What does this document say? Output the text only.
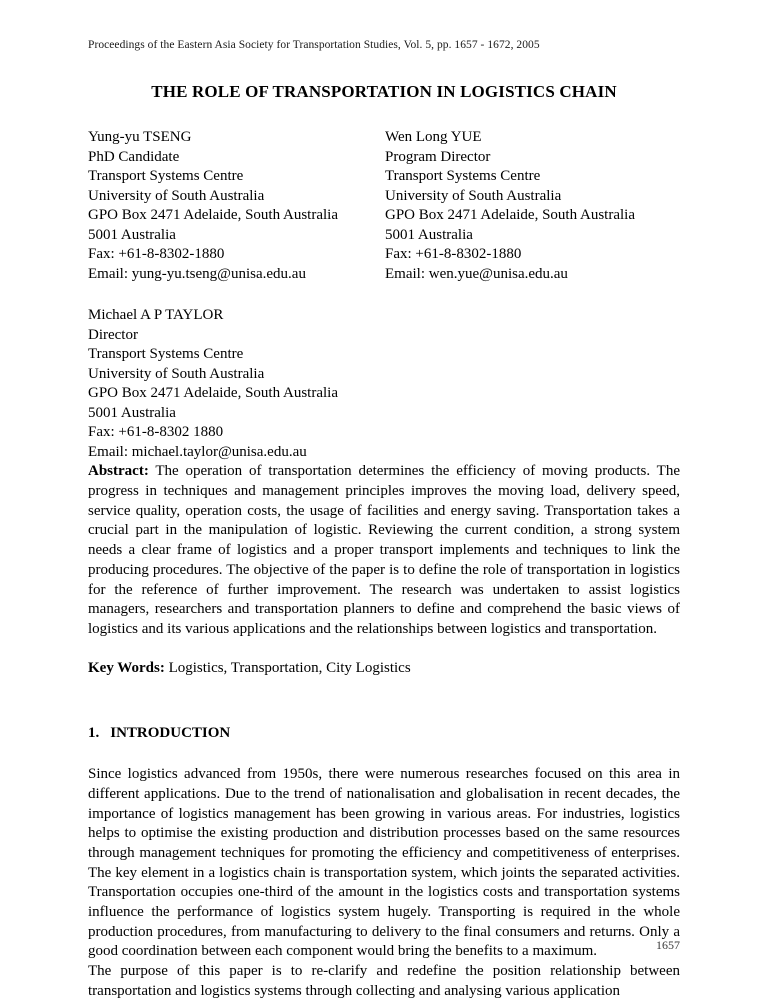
Proceedings of the Eastern Asia Society for Transportation Studies, Vol. 5, pp. 1657 - 1672, 2005
THE ROLE OF TRANSPORTATION IN LOGISTICS CHAIN
Yung-yu TSENG
PhD Candidate
Transport Systems Centre
University of South Australia
GPO Box 2471 Adelaide, South Australia
5001 Australia
Fax: +61-8-8302-1880
Email: yung-yu.tseng@unisa.edu.au
Wen Long YUE
Program Director
Transport Systems Centre
University of South Australia
GPO Box 2471 Adelaide, South Australia
5001 Australia
Fax: +61-8-8302-1880
Email: wen.yue@unisa.edu.au
Michael A P TAYLOR
Director
Transport Systems Centre
University of South Australia
GPO Box 2471 Adelaide, South Australia
5001 Australia
Fax: +61-8-8302 1880
Email: michael.taylor@unisa.edu.au

Abstract: The operation of transportation determines the efficiency of moving products. The progress in techniques and management principles improves the moving load, delivery speed, service quality, operation costs, the usage of facilities and energy saving. Transportation takes a crucial part in the manipulation of logistic. Reviewing the current condition, a strong system needs a clear frame of logistics and a proper transport implements and techniques to link the producing procedures. The objective of the paper is to define the role of transportation in logistics for the reference of further improvement. The research was undertaken to assist logistics managers, researchers and transportation planners to define and comprehend the basic views of logistics and its various applications and the relationships between logistics and transportation.

Key Words: Logistics, Transportation, City Logistics
1. INTRODUCTION

Since logistics advanced from 1950s, there were numerous researches focused on this area in different applications. Due to the trend of nationalisation and globalisation in recent decades, the importance of logistics management has been growing in various areas. For industries, logistics helps to optimise the existing production and distribution processes based on the same resources through management techniques for promoting the efficiency and competitiveness of enterprises. The key element in a logistics chain is transportation system, which joints the separated activities. Transportation occupies one-third of the amount in the logistics costs and transportation systems influence the performance of logistics system hugely. Transporting is required in the whole production procedures, from manufacturing to delivery to the final consumers and returns. Only a good coordination between each component would bring the benefits to a maximum.

The purpose of this paper is to re-clarify and redefine the position relationship between transportation and logistics systems through collecting and analysing various application

1657
